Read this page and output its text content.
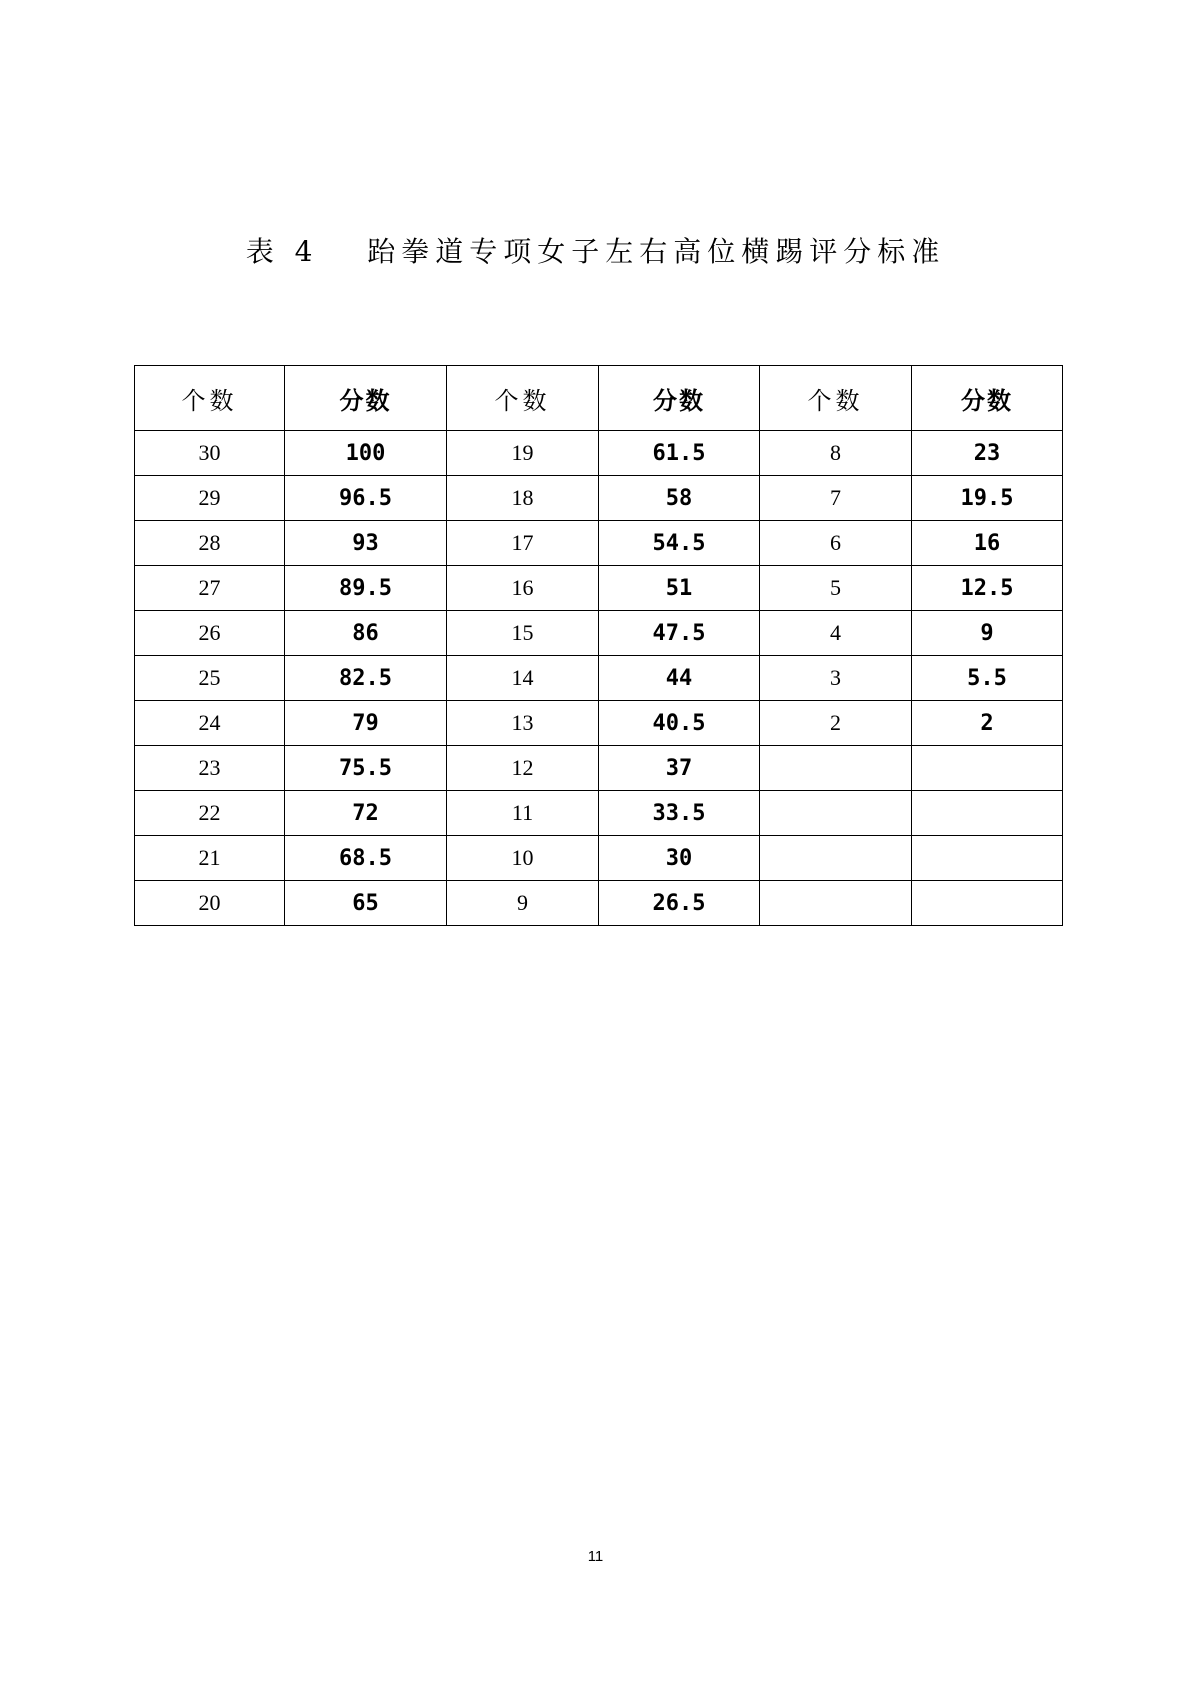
表 4　 跆拳道专项女子左右高位横踢评分标准
个数	分数	个数	分数	个数	分数
30	100	19	61.5	8	23
29	96.5	18	58	7	19.5
28	93	17	54.5	6	16
27	89.5	16	51	5	12.5
26	86	15	47.5	4	9
25	82.5	14	44	3	5.5
24	79	13	40.5	2	2
23	75.5	12	37		
22	72	11	33.5		
21	68.5	10	30		
20	65	9	26.5		
11
